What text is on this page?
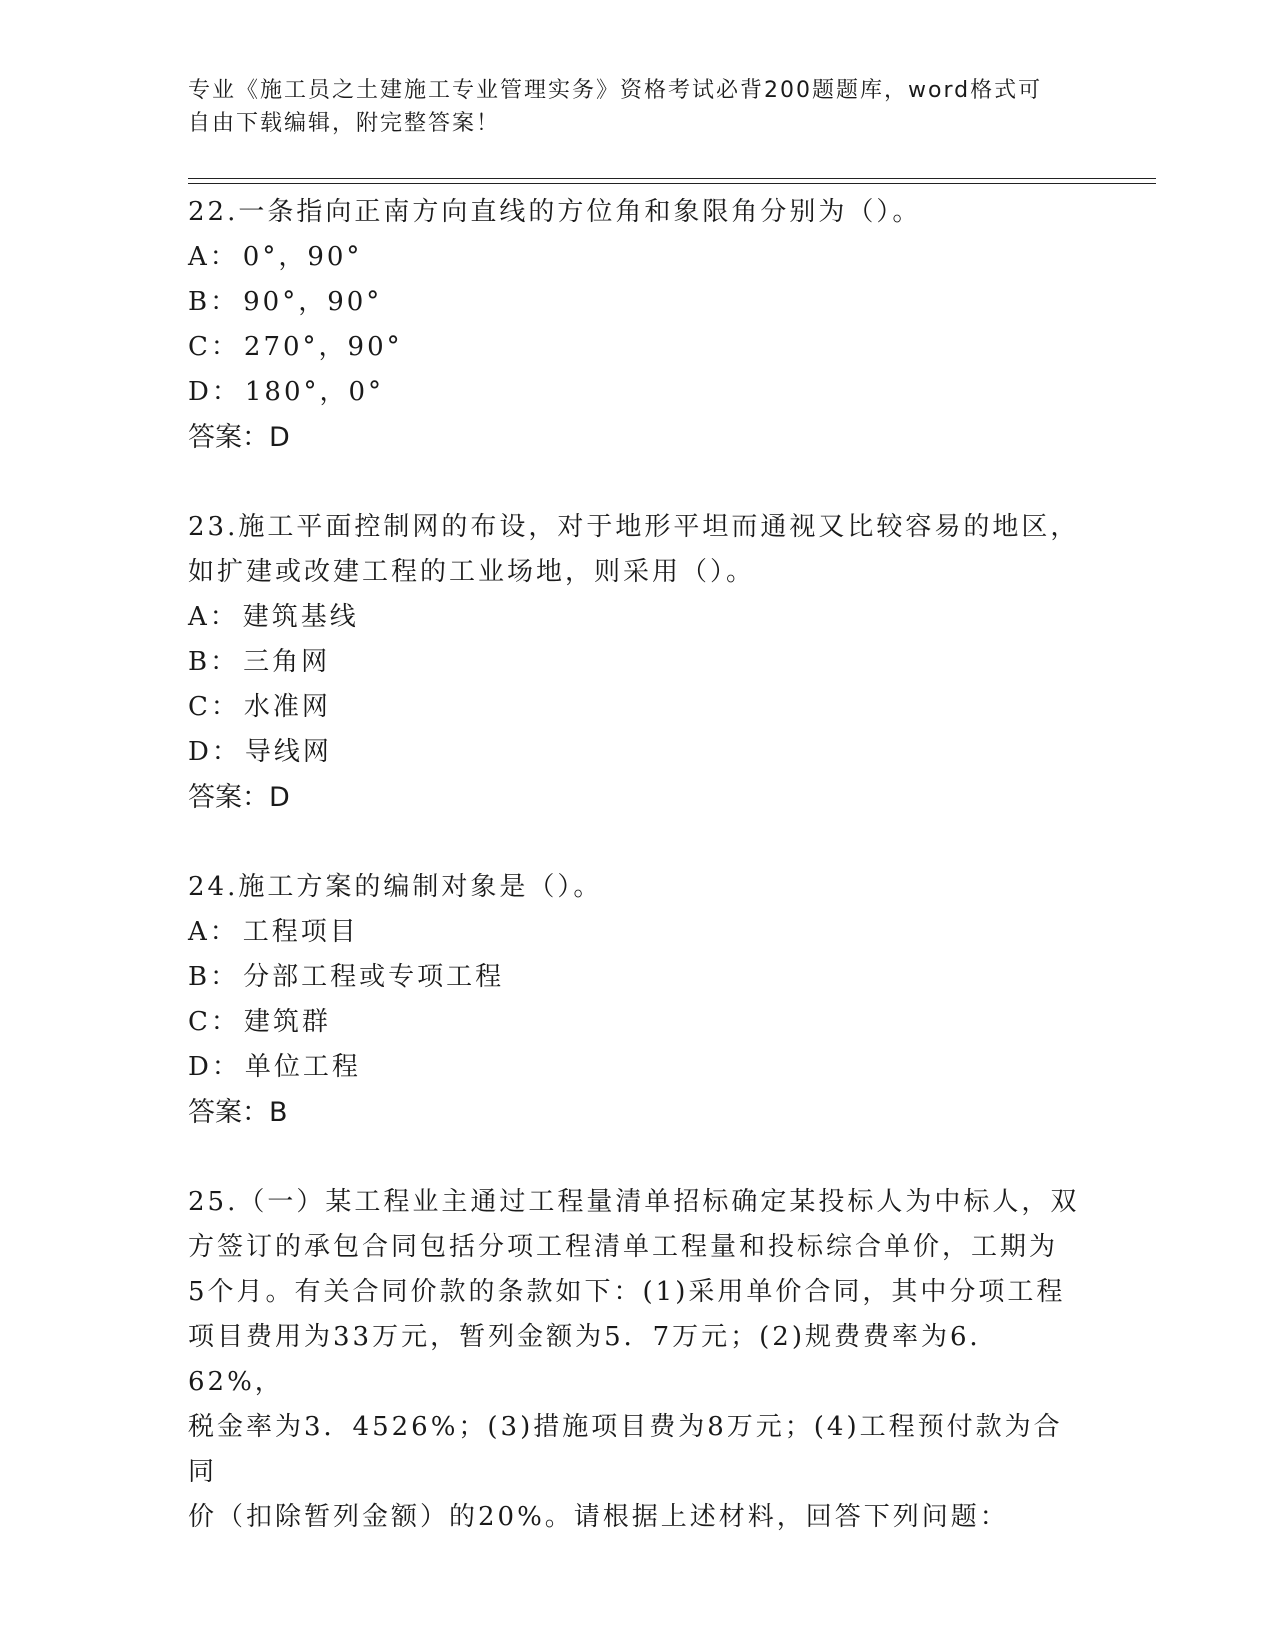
专业《施工员之土建施工专业管理实务》资格考试必背200题题库，word格式可
自由下载编辑，附完整答案！

22.一条指向正南方向直线的方位角和象限角分别为（）。

A： 0°，90°

B： 90°，90°

C： 270°，90°

D： 180°，0°

答案：D

23.施工平面控制网的布设，对于地形平坦而通视又比较容易的地区，
如扩建或改建工程的工业场地，则采用（）。

A： 建筑基线

B： 三角网

C： 水准网

D： 导线网

答案：D

24.施工方案的编制对象是（）。

A： 工程项目

B： 分部工程或专项工程

C： 建筑群

D： 单位工程

答案：B

25.（一）某工程业主通过工程量清单招标确定某投标人为中标人，双
方签订的承包合同包括分项工程清单工程量和投标综合单价，工期为
5个月。有关合同价款的条款如下：(1)采用单价合同，其中分项工程
项目费用为33万元，暂列金额为5．7万元；(2)规费费率为6．62%，
税金率为3．4526%；(3)措施项目费为8万元；(4)工程预付款为合同
价（扣除暂列金额）的20%。请根据上述材料，回答下列问题：
